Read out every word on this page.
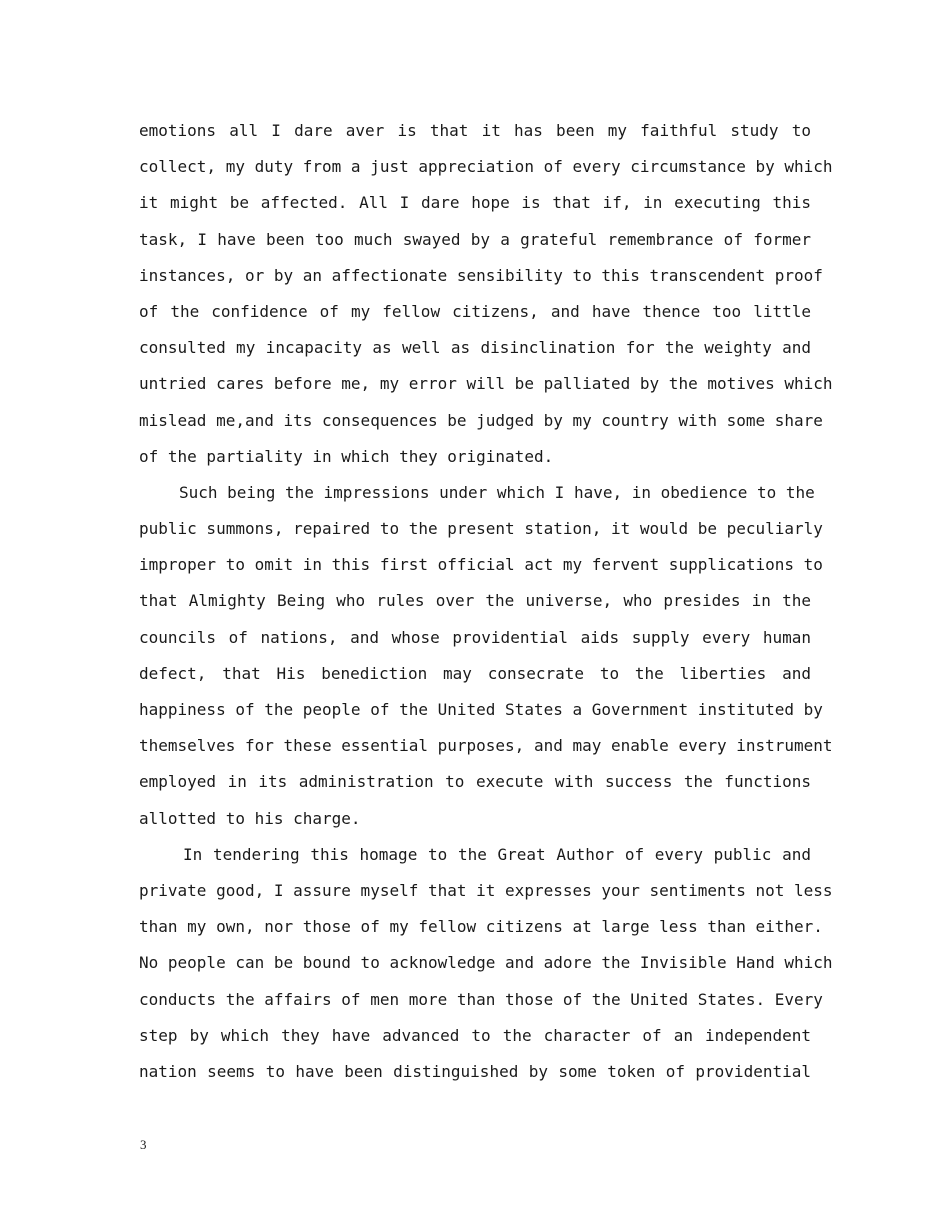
emotions all I dare aver is that it has been my faithful study to
collect, my duty from a just appreciation of every circumstance by which
it might be affected. All I dare hope is that if, in executing this
task, I have been too much swayed by a grateful remembrance of former
instances, or by an affectionate sensibility to this transcendent proof
of the confidence of my fellow citizens, and have thence too little
consulted my incapacity as well as disinclination for the weighty and
untried cares before me, my error will be palliated by the motives which
mislead me,and its consequences be judged by my country with some share
of the partiality in which they originated.
Such being the impressions under which I have, in obedience to the
public summons, repaired to the present station, it would be peculiarly
improper to omit in this first official act my fervent supplications to
that Almighty Being who rules over the universe, who presides in the
councils of nations, and whose providential aids supply every human
defect, that His benediction may consecrate to the liberties and
happiness of the people of the United States a Government instituted by
themselves for these essential purposes, and may enable every instrument
employed in its administration to execute with success the functions
allotted to his charge.
In tendering this homage to the Great Author of every public and
private good, I assure myself that it expresses your sentiments not less
than my own, nor those of my fellow citizens at large less than either.
No people can be bound to acknowledge and adore the Invisible Hand which
conducts the affairs of men more than those of the United States. Every
step by which they have advanced to the character of an independent
nation seems to have been distinguished by some token of providential
3
